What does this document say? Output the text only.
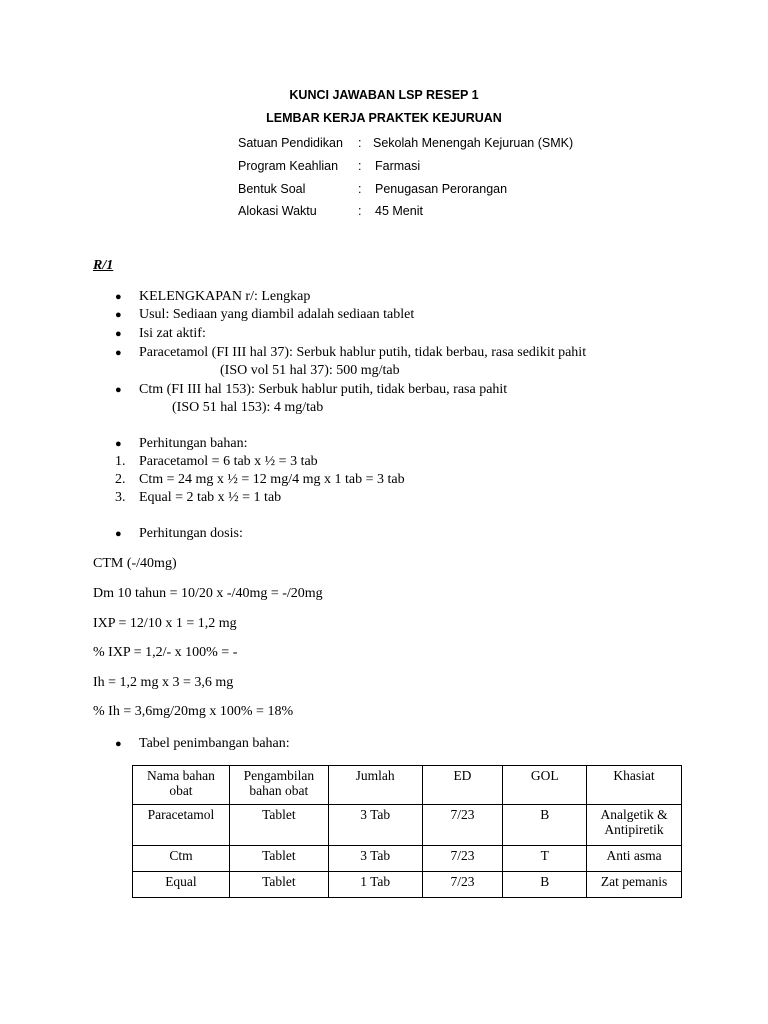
KUNCI JAWABAN LSP RESEP 1
LEMBAR KERJA PRAKTEK KEJURUAN
Satuan Pendidikan : Sekolah Menengah Kejuruan (SMK)
Program Keahlian : Farmasi
Bentuk Soal	: Penugasan Perorangan
Alokasi Waktu	: 45 Menit
R/1
● KELENGKAPAN r/: Lengkap
● Usul: Sediaan yang diambil adalah sediaan tablet
● Isi zat aktif:
● Paracetamol (FI III hal 37): Serbuk hablur putih, tidak berbau, rasa sedikit pahit
(ISO vol 51 hal 37): 500 mg/tab
● Ctm (FI III hal 153): Serbuk hablur putih, tidak berbau, rasa pahit
(ISO 51 hal 153): 4 mg/tab
● Perhitungan bahan:
1. Paracetamol = 6 tab x ½ = 3 tab
2. Ctm = 24 mg x ½ = 12 mg/4 mg x 1 tab = 3 tab
3. Equal = 2 tab x ½ = 1 tab
● Perhitungan dosis:
CTM (-/40mg)
Dm 10 tahun = 10/20 x -/40mg = -/20mg
IXP = 12/10 x 1 = 1,2 mg
% IXP = 1,2/- x 100% = -
Ih = 1,2 mg x 3 = 3,6 mg
% Ih = 3,6mg/20mg x 100% = 18%
● Tabel penimbangan bahan:
Nama bahan obat	Pengambilan bahan obat	Jumlah	ED	GOL	Khasiat
Paracetamol	Tablet	3 Tab	7/23	B	Analgetik & Antipiretik
Ctm	Tablet	3 Tab	7/23	T	Anti asma
Equal	Tablet	1 Tab	7/23	B	Zat pemanis
